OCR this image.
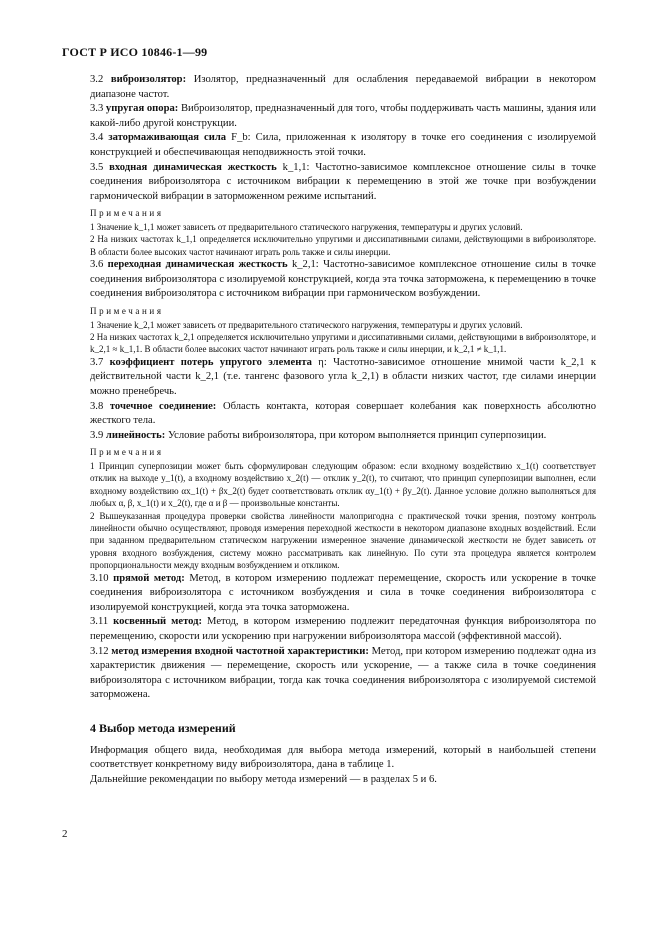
ГОСТ Р ИСО 10846-1—99

3.2 виброизолятор: Изолятор, предназначенный для ослабления передаваемой вибрации в некотором диапазоне частот.

3.3 упругая опора: Виброизолятор, предназначенный для того, чтобы поддерживать часть машины, здания или какой-либо другой конструкции.

3.4 затормаживающая сила F_b: Сила, приложенная к изолятору в точке его соединения с изолируемой конструкцией и обеспечивающая неподвижность этой точки.

3.5 входная динамическая жесткость k_1,1: Частотно-зависимое комплексное отношение силы в точке соединения виброизолятора с источником вибрации к перемещению в этой же точке при возбуждении гармонической вибрации в заторможенном режиме испытаний.

Примечания
1 Значение k_1,1 может зависеть от предварительного статического нагружения, температуры и других условий.
2 На низких частотах k_1,1 определяется исключительно упругими и диссипативными силами, действующими в виброизоляторе. В области более высоких частот начинают играть роль также и силы инерции.

3.6 переходная динамическая жесткость k_2,1: Частотно-зависимое комплексное отношение силы в точке соединения виброизолятора с изолируемой конструкцией, когда эта точка заторможена, к перемещению в точке соединения виброизолятора с источником вибрации при гармоническом возбуждении.

Примечания
1 Значение k_2,1 может зависеть от предварительного статического нагружения, температуры и других условий.
2 На низких частотах k_2,1 определяется исключительно упругими и диссипативными силами, действующими в виброизоляторе, и k_2,1 ≈ k_1,1. В области более высоких частот начинают играть роль также и силы инерции, и k_2,1 ≠ k_1,1.

3.7 коэффициент потерь упругого элемента η: Частотно-зависимое отношение мнимой части k_2,1 к действительной части k_2,1 (т.е. тангенс фазового угла k_2,1) в области низких частот, где силами инерции можно пренебречь.

3.8 точечное соединение: Область контакта, которая совершает колебания как поверхность абсолютно жесткого тела.

3.9 линейность: Условие работы виброизолятора, при котором выполняется принцип суперпозиции.

Примечания
1 Принцип суперпозиции может быть сформулирован следующим образом: если входному воздействию x_1(t) соответствует отклик на выходе y_1(t), а входному воздействию x_2(t) — отклик y_2(t), то считают, что принцип суперпозиции выполнен, если входному воздействию αx_1(t) + βx_2(t) будет соответствовать отклик αy_1(t) + βy_2(t). Данное условие должно выполняться для любых α, β, x_1(t) и x_2(t), где α и β — произвольные константы.
2 Вышеуказанная процедура проверки свойства линейности малопригодна с практической точки зрения, поэтому контроль линейности обычно осуществляют, проводя измерения переходной жесткости в некотором диапазоне входных воздействий. Если при заданном предварительном статическом нагружении измеренное значение динамической жесткости не будет зависеть от уровня входного возбуждения, систему можно рассматривать как линейную. По сути эта процедура является контролем пропорциональности между входным возбуждением и откликом.

3.10 прямой метод: Метод, в котором измерению подлежат перемещение, скорость или ускорение в точке соединения виброизолятора с источником возбуждения и сила в точке соединения виброизолятора с изолируемой конструкцией, когда эта точка заторможена.

3.11 косвенный метод: Метод, в котором измерению подлежит передаточная функция виброизолятора по перемещению, скорости или ускорению при нагружении виброизолятора массой (эффективной массой).

3.12 метод измерения входной частотной характеристики: Метод, при котором измерению подлежат одна из характеристик движения — перемещение, скорость или ускорение, — а также сила в точке соединения виброизолятора с источником вибрации, тогда как точка соединения виброизолятора с изолируемой системой заторможена.

4 Выбор метода измерений

Информация общего вида, необходимая для выбора метода измерений, который в наибольшей степени соответствует конкретному виду виброизолятора, дана в таблице 1.

Дальнейшие рекомендации по выбору метода измерений — в разделах 5 и 6.

2
